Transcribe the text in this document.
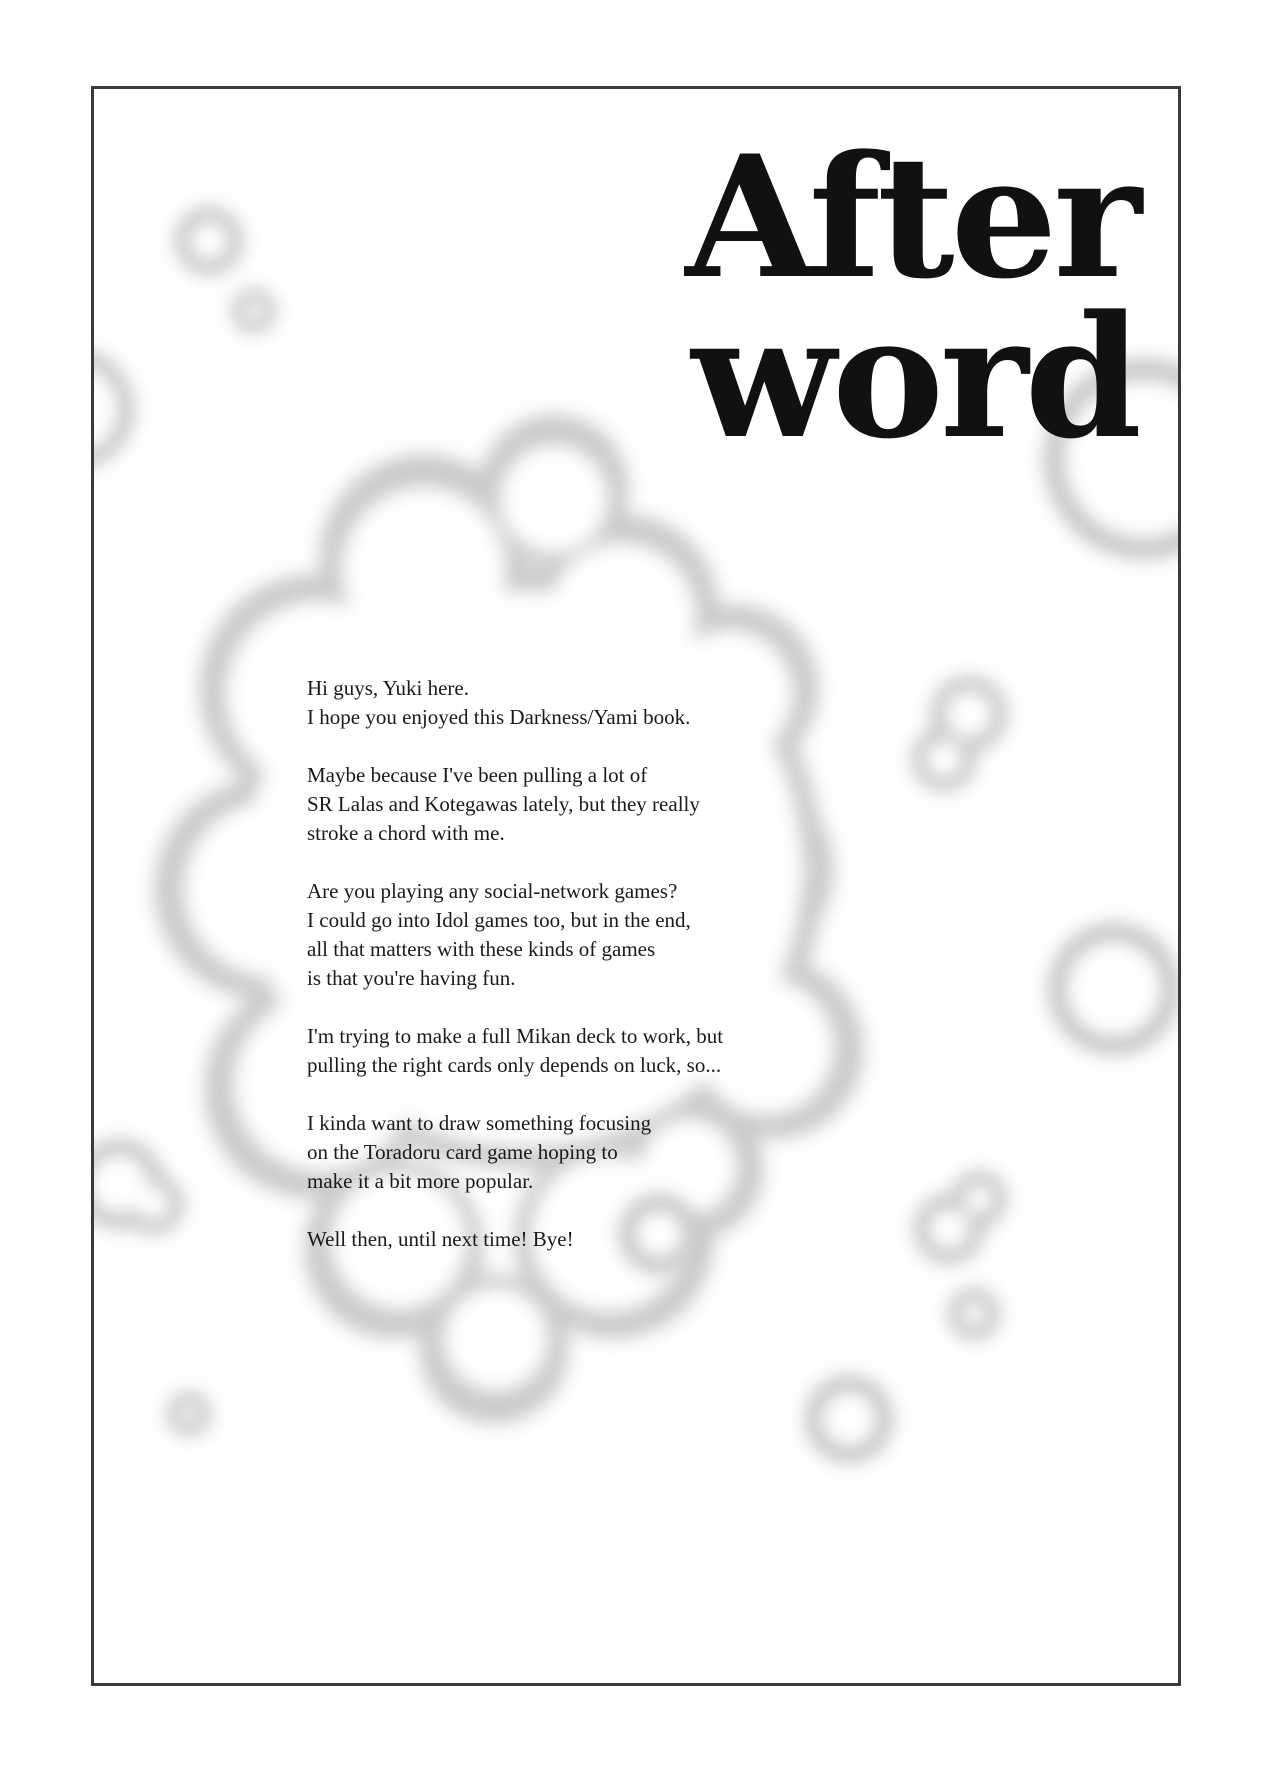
After
word

Hi guys, Yuki here.
I hope you enjoyed this Darkness/Yami book.

Maybe because I've been pulling a lot of
SR Lalas and Kotegawas lately, but they really
stroke a chord with me.

Are you playing any social-network games?
I could go into Idol games too, but in the end,
all that matters with these kinds of games
is that you're having fun.

I'm trying to make a full Mikan deck to work, but
pulling the right cards only depends on luck, so...

I kinda want to draw something focusing
on the Toradoru card game hoping to
make it a bit more popular.

Well then, until next time! Bye!
